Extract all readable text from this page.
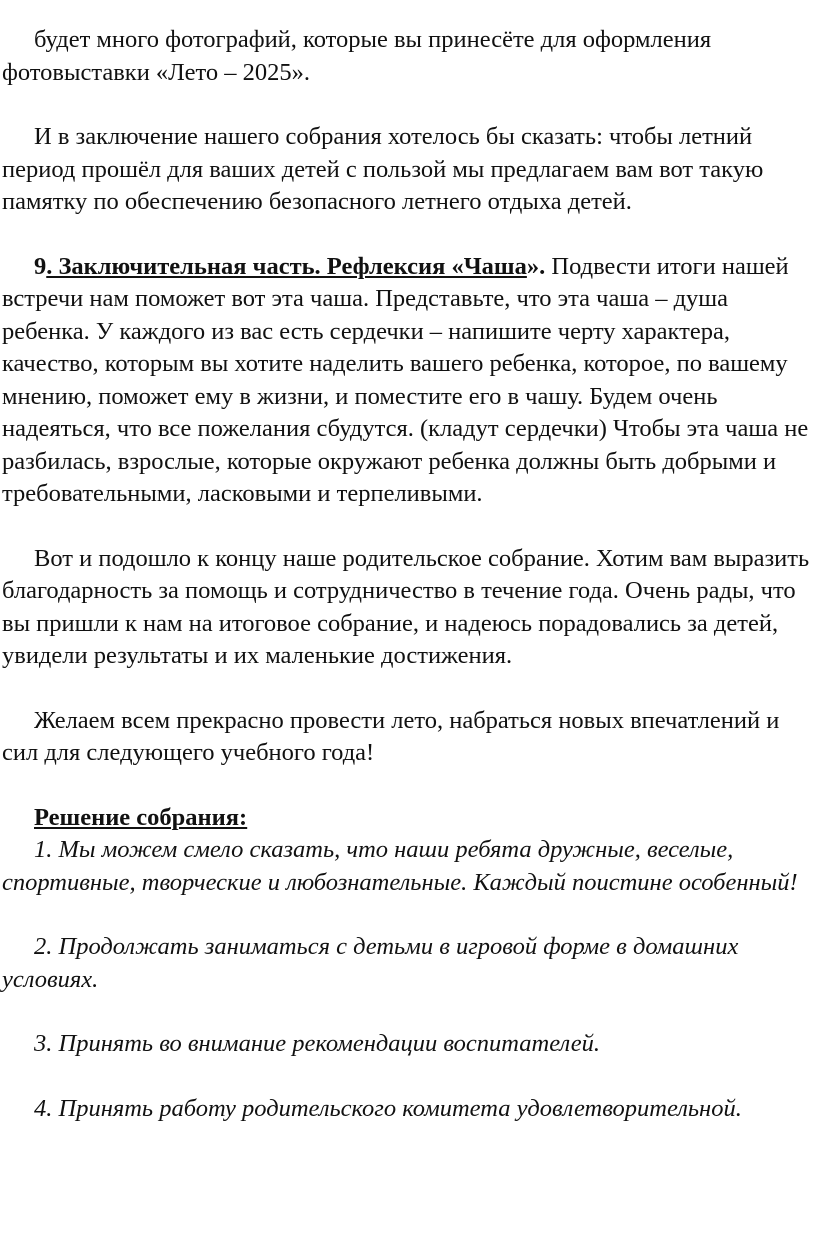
будет много фотографий, которые вы принесёте для оформления фотовыставки «Лето – 2025».

И в заключение нашего собрания хотелось бы сказать: чтобы летний период прошёл для ваших детей с пользой мы предлагаем вам вот такую памятку по обеспечению безопасного летнего отдыха детей.

9. Заключительная часть. Рефлексия «Чаша». Подвести итоги нашей встречи нам поможет вот эта чаша. Представьте, что эта чаша – душа ребенка. У каждого из вас есть сердечки – напишите черту характера, качество, которым вы хотите наделить вашего ребенка, которое, по вашему мнению, поможет ему в жизни, и поместите его в чашу. Будем очень надеяться, что все пожелания сбудутся. (кладут сердечки) Чтобы эта чаша не разбилась, взрослые, которые окружают ребенка должны быть добрыми и требовательными, ласковыми и терпеливыми.

Вот и подошло к концу наше родительское собрание. Хотим вам выразить благодарность за помощь и сотрудничество в течение года. Очень рады, что вы пришли к нам на итоговое собрание, и надеюсь порадовались за детей, увидели результаты и их маленькие достижения.

Желаем всем прекрасно провести лето, набраться новых впечатлений и сил для следующего учебного года!

Решение собрания:

1. Мы можем смело сказать, что наши ребята дружные, веселые, спортивные, творческие и любознательные. Каждый поистине особенный!

2. Продолжать заниматься с детьми в игровой форме в домашних условиях.

3. Принять во внимание рекомендации воспитателей.

4. Принять работу родительского комитета удовлетворительной.
